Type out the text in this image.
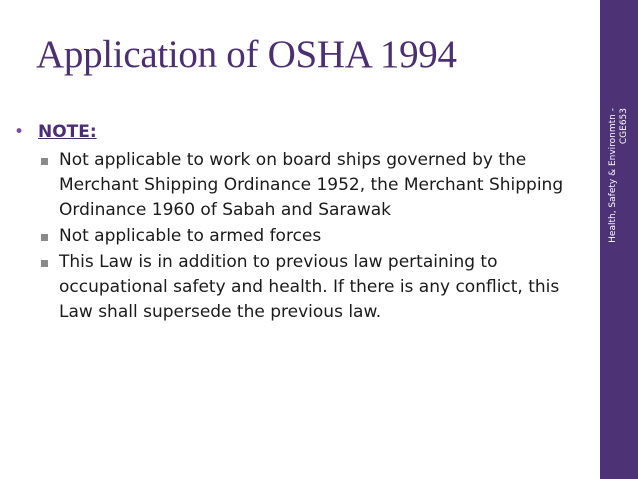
Application of OSHA 1994
• NOTE:
Not applicable to work on board ships governed by the Merchant Shipping Ordinance 1952, the Merchant Shipping Ordinance 1960 of Sabah and Sarawak
Not applicable to armed forces
This Law is in addition to previous law pertaining to occupational safety and health. If there is any conflict, this Law shall supersede the previous law.
Health, Safety & Environmtn - CGE653
